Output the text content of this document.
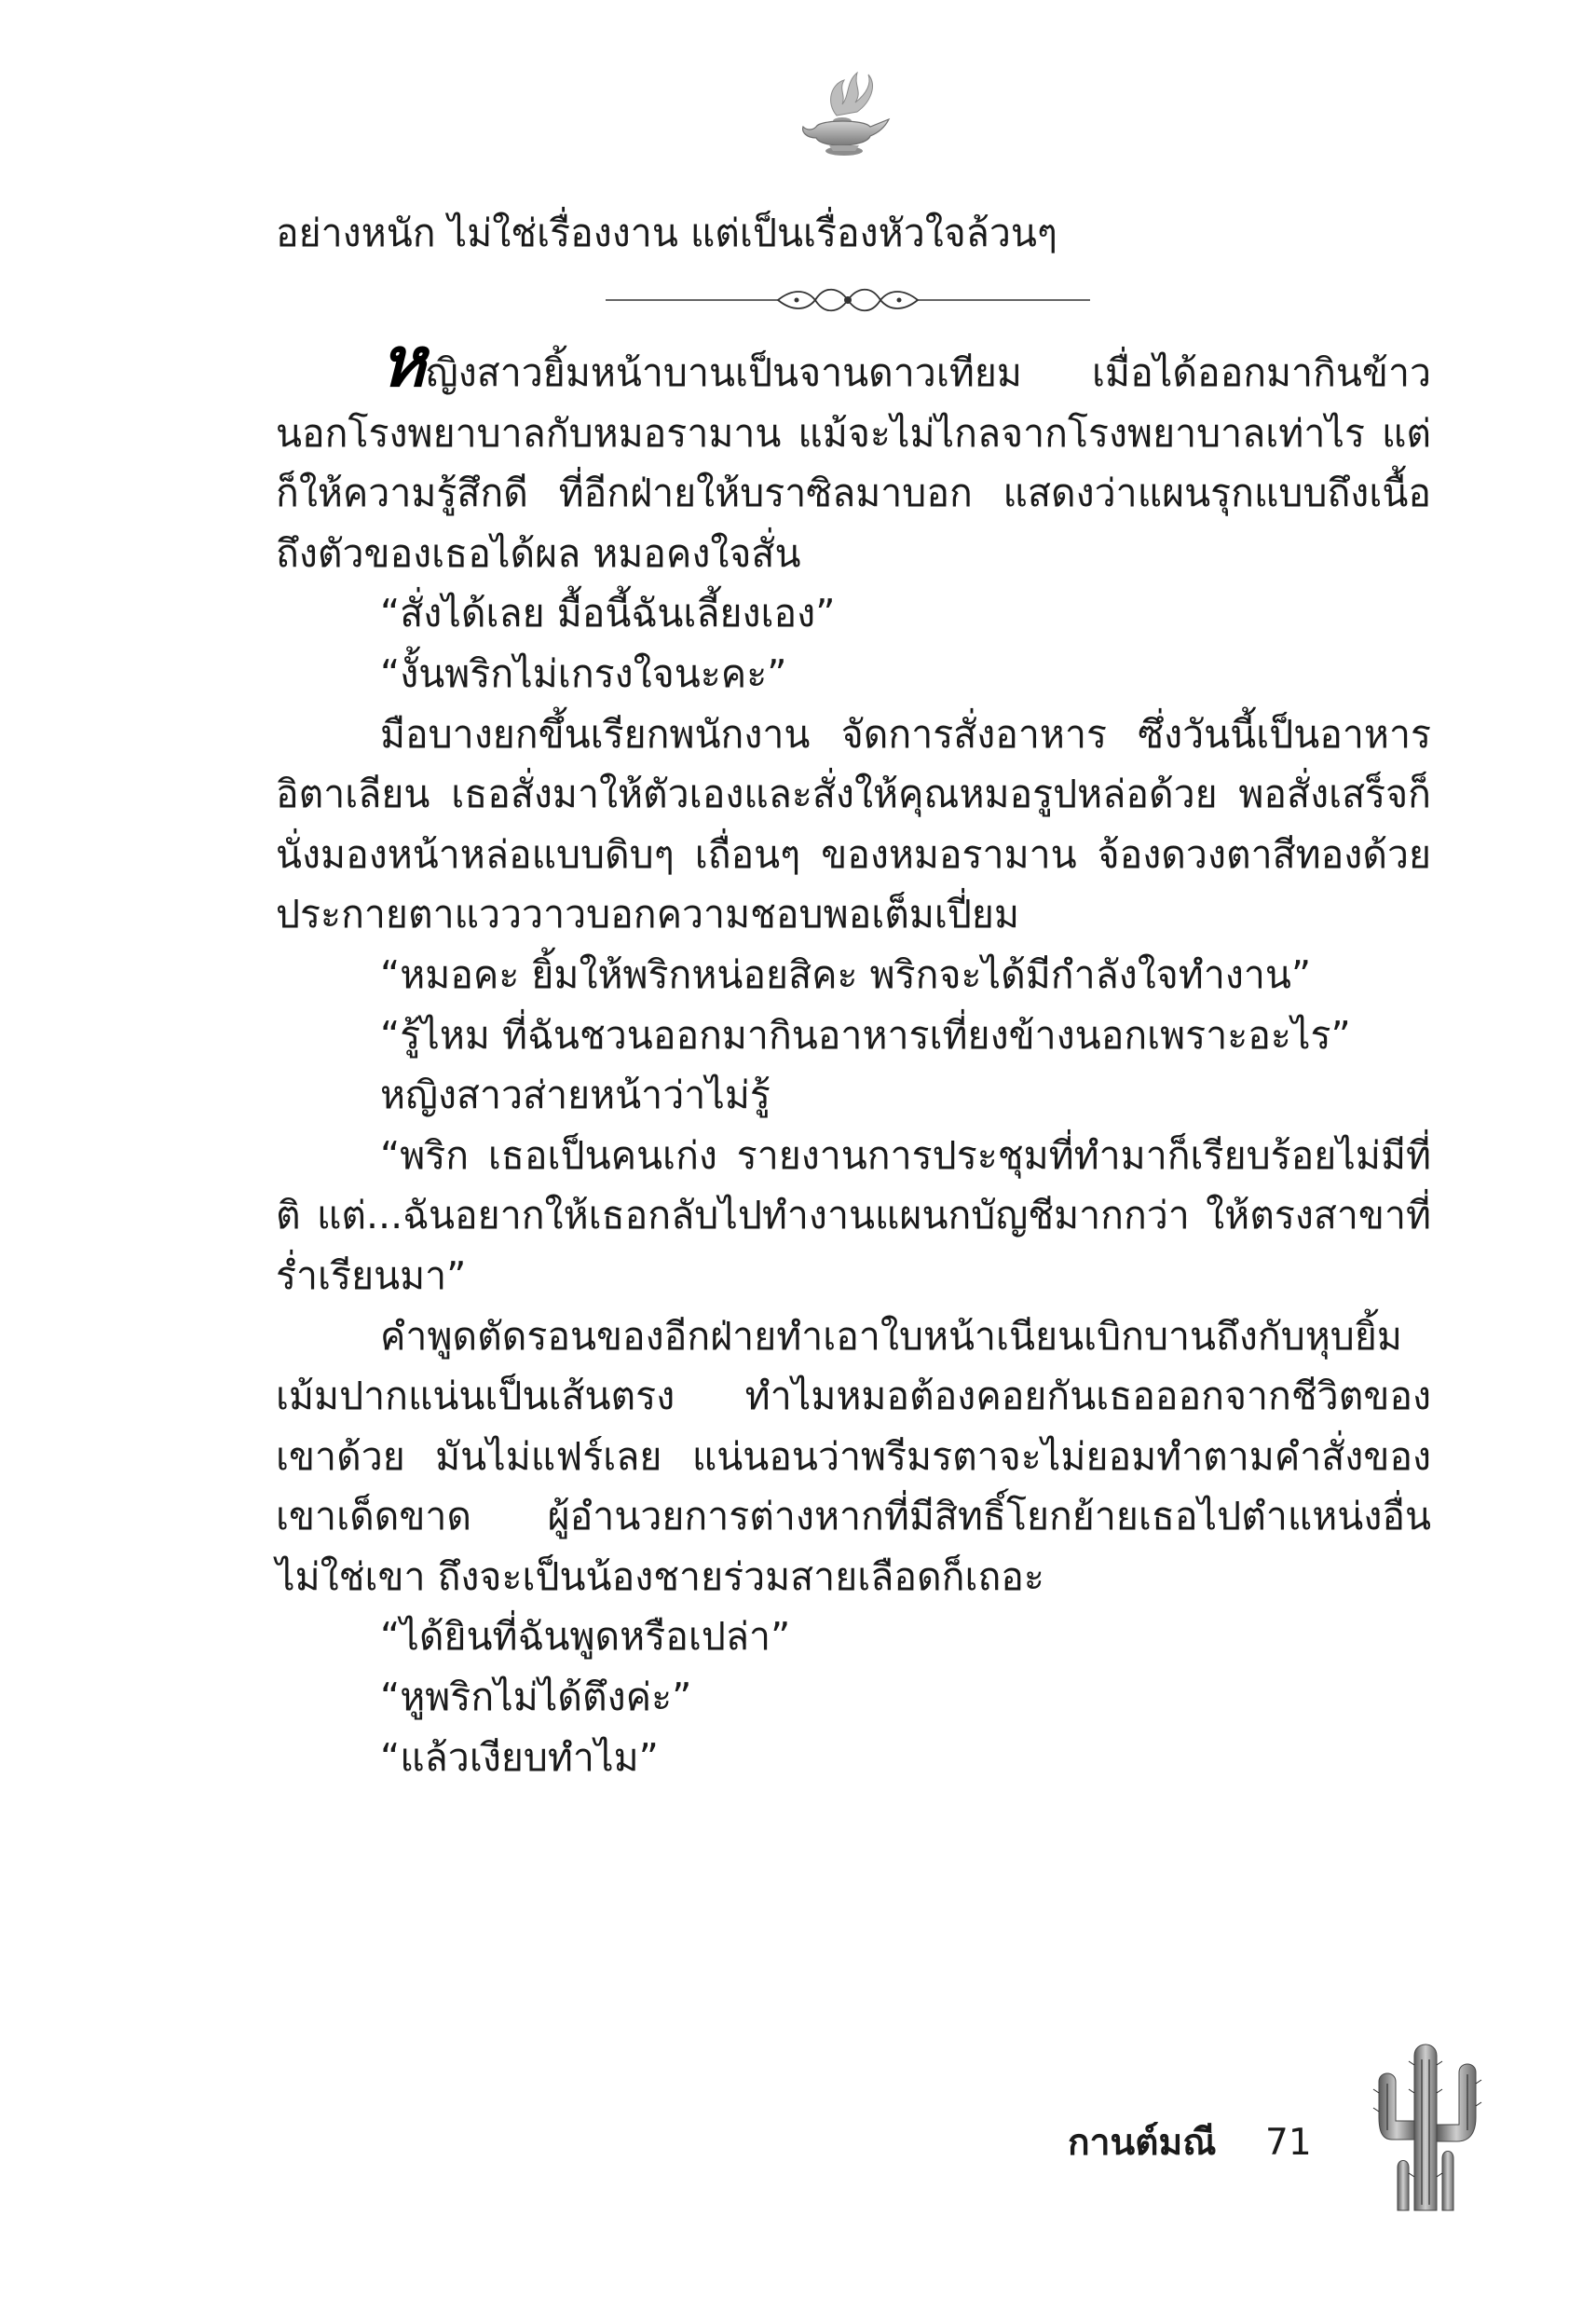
อย่างหนัก ไม่ใช่เรื่องงาน แต่เป็นเรื่องหัวใจล้วนๆ

หญิงสาวยิ้มหน้าบานเป็นจานดาวเทียม เมื่อได้ออกมากินข้าวนอกโรงพยาบาลกับหมอรามาน แม้จะไม่ไกลจากโรงพยาบาลเท่าไร แต่ก็ให้ความรู้สึกดี ที่อีกฝ่ายให้บราซิลมาบอก แสดงว่าแผนรุกแบบถึงเนื้อถึงตัวของเธอได้ผล หมอคงใจสั่น

“สั่งได้เลย มื้อนี้ฉันเลี้ยงเอง”

“งั้นพริกไม่เกรงใจนะคะ”

มือบางยกขึ้นเรียกพนักงาน จัดการสั่งอาหาร ซึ่งวันนี้เป็นอาหารอิตาเลียน เธอสั่งมาให้ตัวเองและสั่งให้คุณหมอรูปหล่อด้วย พอสั่งเสร็จก็นั่งมองหน้าหล่อแบบดิบๆ เถื่อนๆ ของหมอรามาน จ้องดวงตาสีทองด้วยประกายตาแวววาวบอกความชอบพอเต็มเปี่ยม

“หมอคะ ยิ้มให้พริกหน่อยสิคะ พริกจะได้มีกำลังใจทำงาน”

“รู้ไหม ที่ฉันชวนออกมากินอาหารเที่ยงข้างนอกเพราะอะไร”

หญิงสาวส่ายหน้าว่าไม่รู้

“พริก เธอเป็นคนเก่ง รายงานการประชุมที่ทำมาก็เรียบร้อยไม่มีที่ติ แต่...ฉันอยากให้เธอกลับไปทำงานแผนกบัญชีมากกว่า ให้ตรงสาขาที่ร่ำเรียนมา”

คำพูดตัดรอนของอีกฝ่ายทำเอาใบหน้าเนียนเบิกบานถึงกับหุบยิ้ม เม้มปากแน่นเป็นเส้นตรง ทำไมหมอต้องคอยกันเธอออกจากชีวิตของเขาด้วย มันไม่แฟร์เลย แน่นอนว่าพรีมรตาจะไม่ยอมทำตามคำสั่งของเขาเด็ดขาด ผู้อำนวยการต่างหากที่มีสิทธิ์โยกย้ายเธอไปตำแหน่งอื่น ไม่ใช่เขา ถึงจะเป็นน้องชายร่วมสายเลือดก็เถอะ

“ได้ยินที่ฉันพูดหรือเปล่า”

“หูพริกไม่ได้ตึงค่ะ”

“แล้วเงียบทำไม”

กานต์มณี 71
